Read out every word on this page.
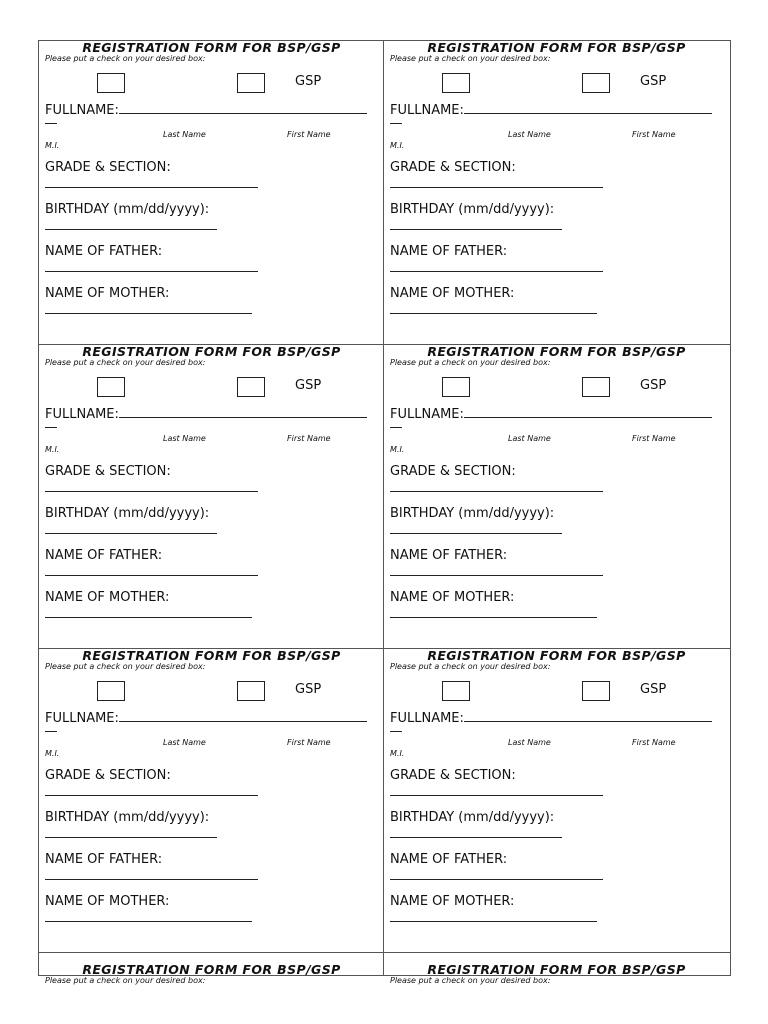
REGISTRATION FORM FOR BSP/GSP
Please put a check on your desired box:
GSP
FULLNAME:
Last Name	First Name
M.I.
GRADE & SECTION:
BIRTHDAY (mm/dd/yyyy):
NAME OF FATHER:
NAME OF MOTHER:
REGISTRATION FORM FOR BSP/GSP
Please put a check on your desired box:
GSP
FULLNAME:
Last Name	First Name
M.I.
GRADE & SECTION:
BIRTHDAY (mm/dd/yyyy):
NAME OF FATHER:
NAME OF MOTHER:
REGISTRATION FORM FOR BSP/GSP
Please put a check on your desired box:
GSP
FULLNAME:
Last Name	First Name
M.I.
GRADE & SECTION:
BIRTHDAY (mm/dd/yyyy):
NAME OF FATHER:
NAME OF MOTHER:
REGISTRATION FORM FOR BSP/GSP
Please put a check on your desired box:
GSP
FULLNAME:
Last Name	First Name
M.I.
GRADE & SECTION:
BIRTHDAY (mm/dd/yyyy):
NAME OF FATHER:
NAME OF MOTHER:
REGISTRATION FORM FOR BSP/GSP
Please put a check on your desired box:
GSP
FULLNAME:
Last Name	First Name
M.I.
GRADE & SECTION:
BIRTHDAY (mm/dd/yyyy):
NAME OF FATHER:
NAME OF MOTHER:
REGISTRATION FORM FOR BSP/GSP
Please put a check on your desired box:
GSP
FULLNAME:
Last Name	First Name
M.I.
GRADE & SECTION:
BIRTHDAY (mm/dd/yyyy):
NAME OF FATHER:
NAME OF MOTHER:
REGISTRATION FORM FOR BSP/GSP
Please put a check on your desired box:
REGISTRATION FORM FOR BSP/GSP
Please put a check on your desired box:
